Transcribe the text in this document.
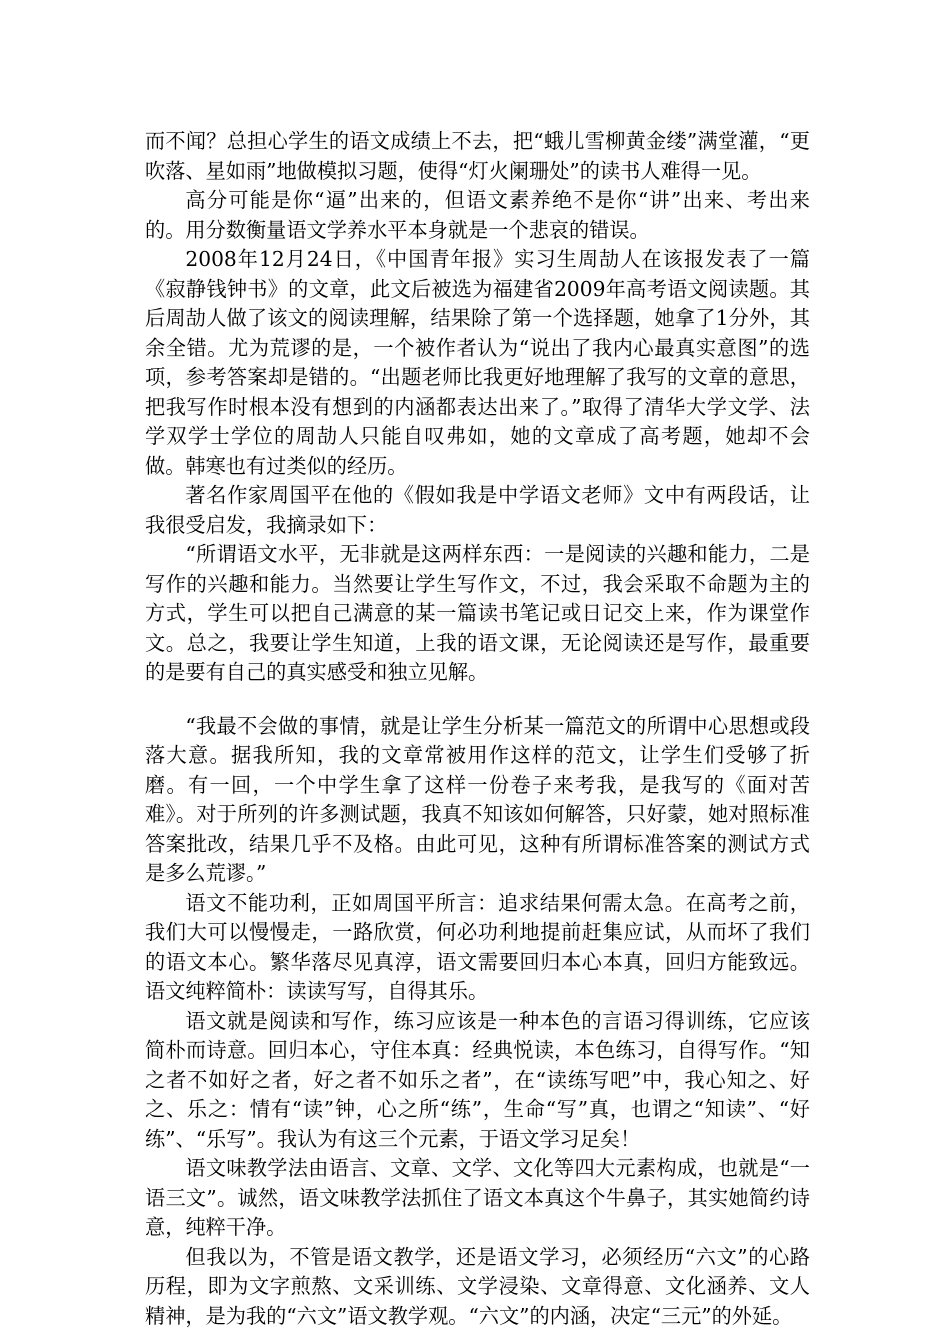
而不闻？总担心学生的语文成绩上不去，把“蛾儿雪柳黄金缕”满堂灌，“更吹落、星如雨”地做模拟习题，使得“灯火阑珊处”的读书人难得一见。

高分可能是你“逼”出来的，但语文素养绝不是你“讲”出来、考出来的。用分数衡量语文学养水平本身就是一个悲哀的错误。

2008年12月24日，《中国青年报》实习生周劼人在该报发表了一篇《寂静钱钟书》的文章，此文后被选为福建省2009年高考语文阅读题。其后周劼人做了该文的阅读理解，结果除了第一个选择题，她拿了1分外，其余全错。尤为荒谬的是，一个被作者认为“说出了我内心最真实意图”的选项，参考答案却是错的。“出题老师比我更好地理解了我写的文章的意思，把我写作时根本没有想到的内涵都表达出来了。”取得了清华大学文学、法学双学士学位的周劼人只能自叹弗如，她的文章成了高考题，她却不会做。韩寒也有过类似的经历。

著名作家周国平在他的《假如我是中学语文老师》文中有两段话，让我很受启发，我摘录如下：

“所谓语文水平，无非就是这两样东西：一是阅读的兴趣和能力，二是写作的兴趣和能力。当然要让学生写作文，不过，我会采取不命题为主的方式，学生可以把自己满意的某一篇读书笔记或日记交上来，作为课堂作文。总之，我要让学生知道，上我的语文课，无论阅读还是写作，最重要的是要有自己的真实感受和独立见解。

“我最不会做的事情，就是让学生分析某一篇范文的所谓中心思想或段落大意。据我所知，我的文章常被用作这样的范文，让学生们受够了折磨。有一回，一个中学生拿了这样一份卷子来考我，是我写的《面对苦难》。对于所列的许多测试题，我真不知该如何解答，只好蒙，她对照标准答案批改，结果几乎不及格。由此可见，这种有所谓标准答案的测试方式是多么荒谬。”

语文不能功利，正如周国平所言：追求结果何需太急。在高考之前，我们大可以慢慢走，一路欣赏，何必功利地提前赶集应试，从而坏了我们的语文本心。繁华落尽见真淳，语文需要回归本心本真，回归方能致远。语文纯粹简朴：读读写写，自得其乐。

语文就是阅读和写作，练习应该是一种本色的言语习得训练，它应该简朴而诗意。回归本心，守住本真：经典悦读，本色练习，自得写作。“知之者不如好之者，好之者不如乐之者”，在“读练写吧”中，我心知之、好之、乐之：情有“读”钟，心之所“练”，生命“写”真，也谓之“知读”、“好练”、“乐写”。我认为有这三个元素，于语文学习足矣！

语文味教学法由语言、文章、文学、文化等四大元素构成，也就是“一语三文”。诚然，语文味教学法抓住了语文本真这个牛鼻子，其实她简约诗意，纯粹干净。

但我以为，不管是语文教学，还是语文学习，必须经历“六文”的心路历程，即为文字煎熬、文采训练、文学浸染、文章得意、文化涵养、文人精神，是为我的“六文”语文教学观。“六文”的内涵，决定“三元”的外延。
